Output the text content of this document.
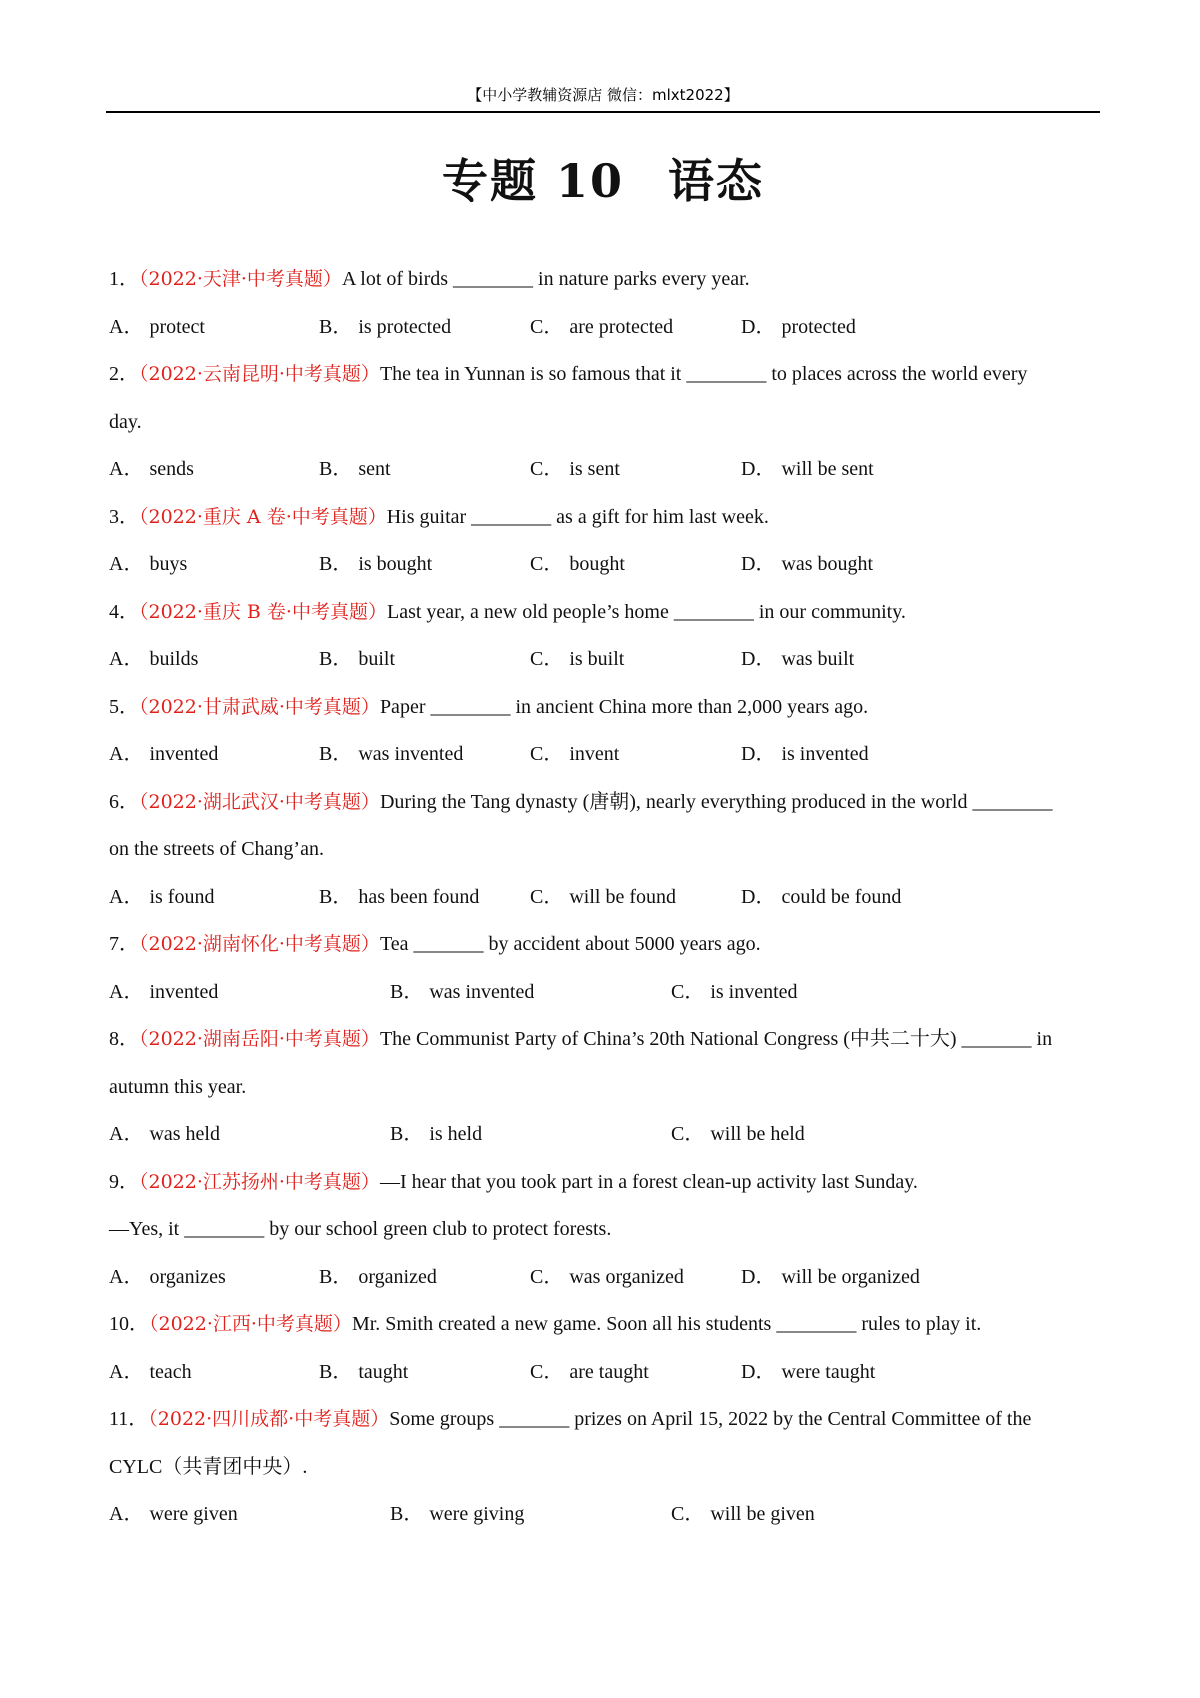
【中小学教辅资源店 微信：mlxt2022】
专题 10 语态
1．（2022·天津·中考真题）A lot of birds ________ in nature parks every year.
A． protect	B． is protected	C． are protected	D． protected
2．（2022·云南昆明·中考真题）The tea in Yunnan is so famous that it ________ to places across the world every
day.
A． sends	B． sent	C． is sent	D． will be sent
3．（2022·重庆 A 卷·中考真题）His guitar ________ as a gift for him last week.
A． buys	B． is bought	C． bought	D． was bought
4．（2022·重庆 B 卷·中考真题）Last year, a new old people’s home ________ in our community.
A． builds	B． built	C． is built	D． was built
5．（2022·甘肃武威·中考真题）Paper ________ in ancient China more than 2,000 years ago.
A． invented	B． was invented	C． invent	D． is invented
6．（2022·湖北武汉·中考真题）During the Tang dynasty (唐朝), nearly everything produced in the world ________
on the streets of Chang’an.
A． is found	B． has been found	C． will be found	D． could be found
7．（2022·湖南怀化·中考真题）Tea _______ by accident about 5000 years ago.
A． invented	B． was invented	C． is invented
8．（2022·湖南岳阳·中考真题）The Communist Party of China’s 20th National Congress (中共二十大) _______ in
autumn this year.
A． was held	B． is held	C． will be held
9．（2022·江苏扬州·中考真题）—I hear that you took part in a forest clean-up activity last Sunday.
—Yes, it ________ by our school green club to protect forests.
A． organizes	B． organized	C． was organized	D． will be organized
10．（2022·江西·中考真题）Mr. Smith created a new game. Soon all his students ________ rules to play it.
A． teach	B． taught	C． are taught	D． were taught
11．（2022·四川成都·中考真题）Some groups _______ prizes on April 15, 2022 by the Central Committee of the
CYLC（共青团中央）.
A． were given	B． were giving	C． will be given
